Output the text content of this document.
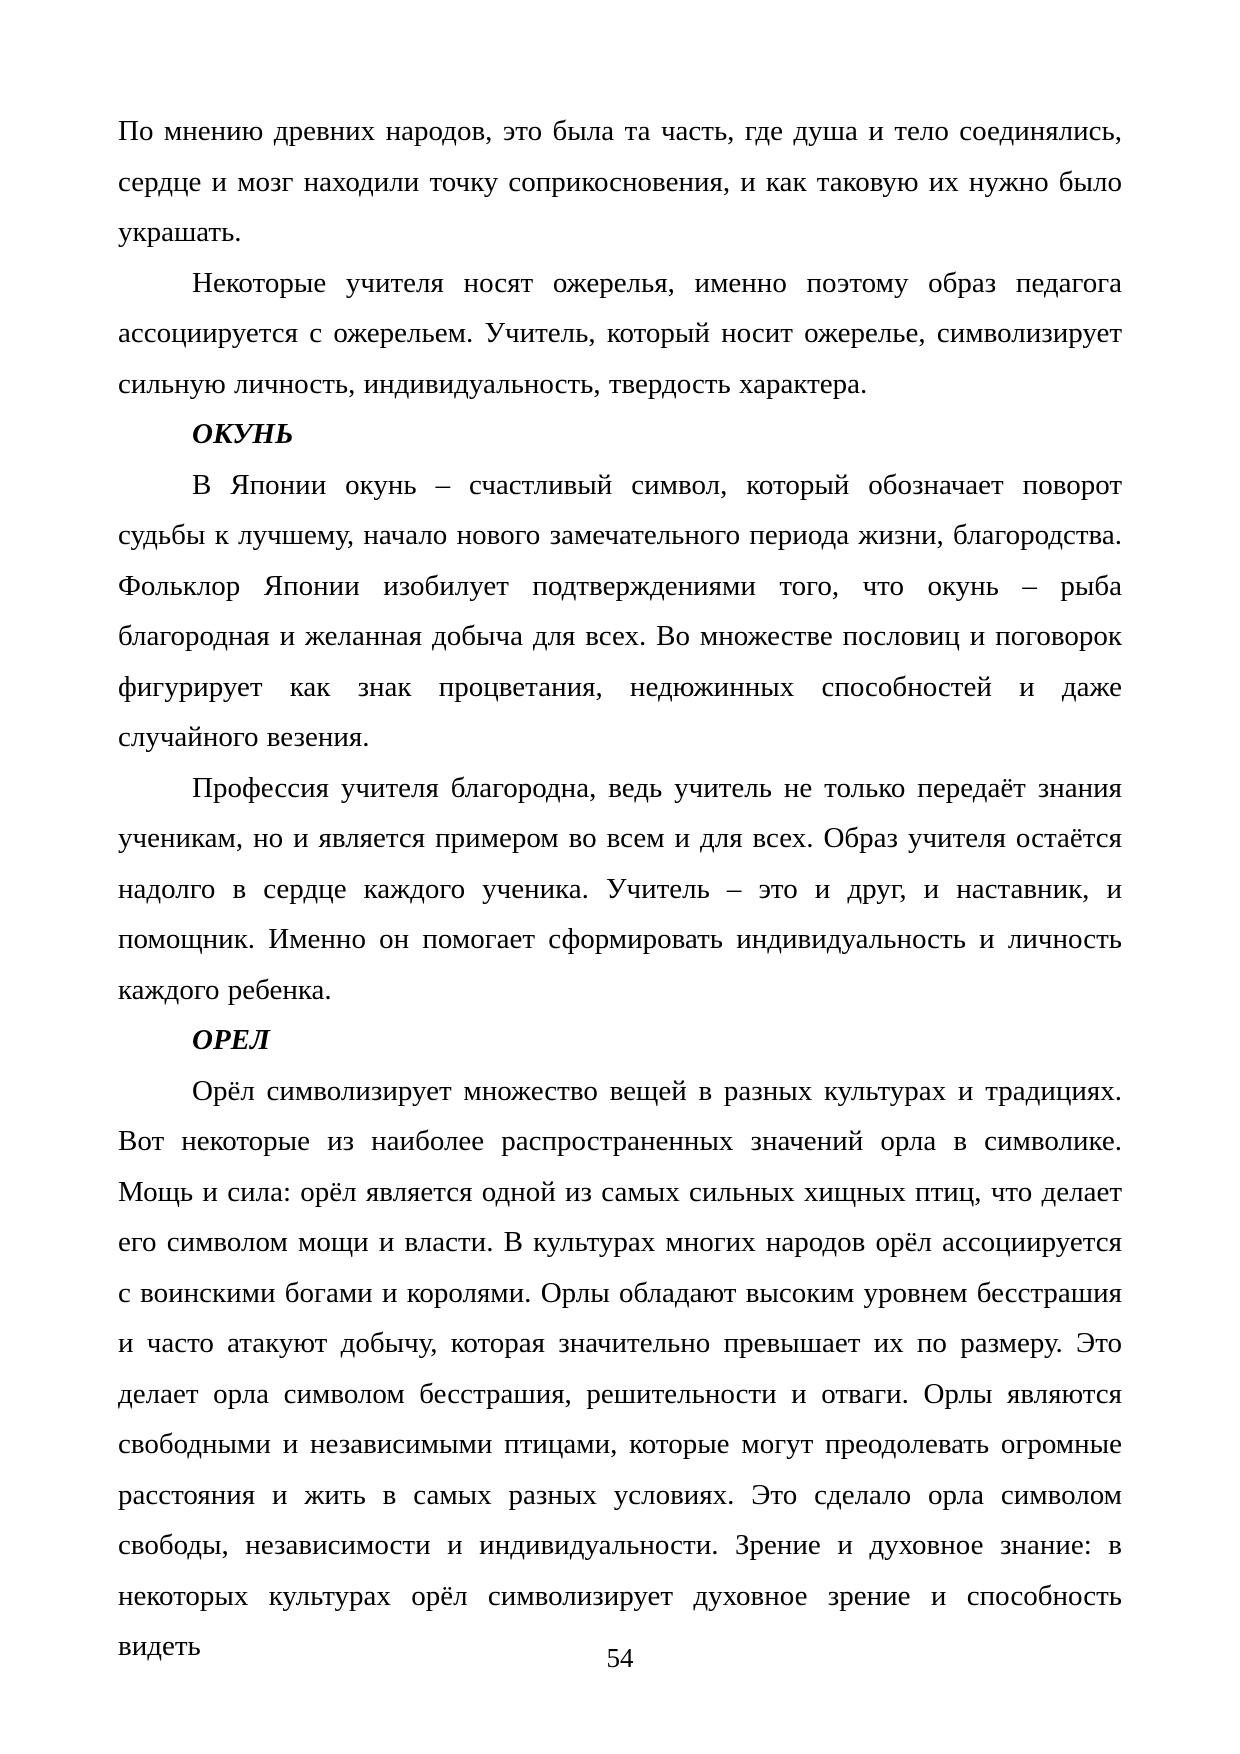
По мнению древних народов, это была та часть, где душа и тело соединялись, сердце и мозг находили точку соприкосновения, и как таковую их нужно было украшать.

Некоторые учителя носят ожерелья, именно поэтому образ педагога ассоциируется с ожерельем. Учитель, который носит ожерелье, символизирует сильную личность, индивидуальность, твердость характера.

ОКУНЬ

В Японии окунь – счастливый символ, который обозначает поворот судьбы к лучшему, начало нового замечательного периода жизни, благородства. Фольклор Японии изобилует подтверждениями того, что окунь – рыба благородная и желанная добыча для всех. Во множестве пословиц и поговорок фигурирует как знак процветания, недюжинных способностей и даже случайного везения.

Профессия учителя благородна, ведь учитель не только передаёт знания ученикам, но и является примером во всем и для всех. Образ учителя остаётся надолго в сердце каждого ученика. Учитель – это и друг, и наставник, и помощник. Именно он помогает сформировать индивидуальность и личность каждого ребенка.

ОРЕЛ

Орёл символизирует множество вещей в разных культурах и традициях. Вот некоторые из наиболее распространенных значений орла в символике. Мощь и сила: орёл является одной из самых сильных хищных птиц, что делает его символом мощи и власти. В культурах многих народов орёл ассоциируется с воинскими богами и королями. Орлы обладают высоким уровнем бесстрашия и часто атакуют добычу, которая значительно превышает их по размеру. Это делает орла символом бесстрашия, решительности и отваги. Орлы являются свободными и независимыми птицами, которые могут преодолевать огромные расстояния и жить в самых разных условиях. Это сделало орла символом свободы, независимости и индивидуальности. Зрение и духовное знание: в некоторых культурах орёл символизирует духовное зрение и способность видеть	54
